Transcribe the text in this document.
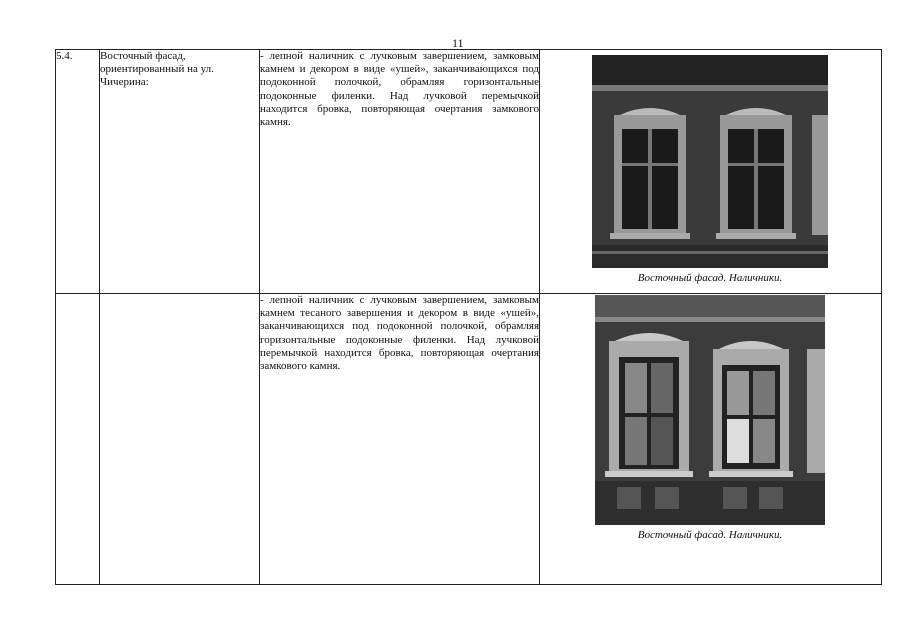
11
5.4.	Восточный фасад, ориентированный на ул. Чичерина:	- лепной наличник с лучковым завершением, замковым камнем и декором в виде «ушей», заканчивающихся под подоконной полочкой, обрамляя горизонтальные подоконные филенки. Над лучковой перемычкой находится бровка, повторяющая очертания замкового камня.	Восточный фасад. Наличники.

		- лепной наличник с лучковым завершением, замковым камнем тесаного завершения и декором в виде «ушей», заканчивающихся под подоконной полочкой, обрамляя горизонтальные подоконные филенки. Над лучковой перемычкой находится бровка, повторяющая очертания замкового камня.	Восточный фасад. Наличники.
